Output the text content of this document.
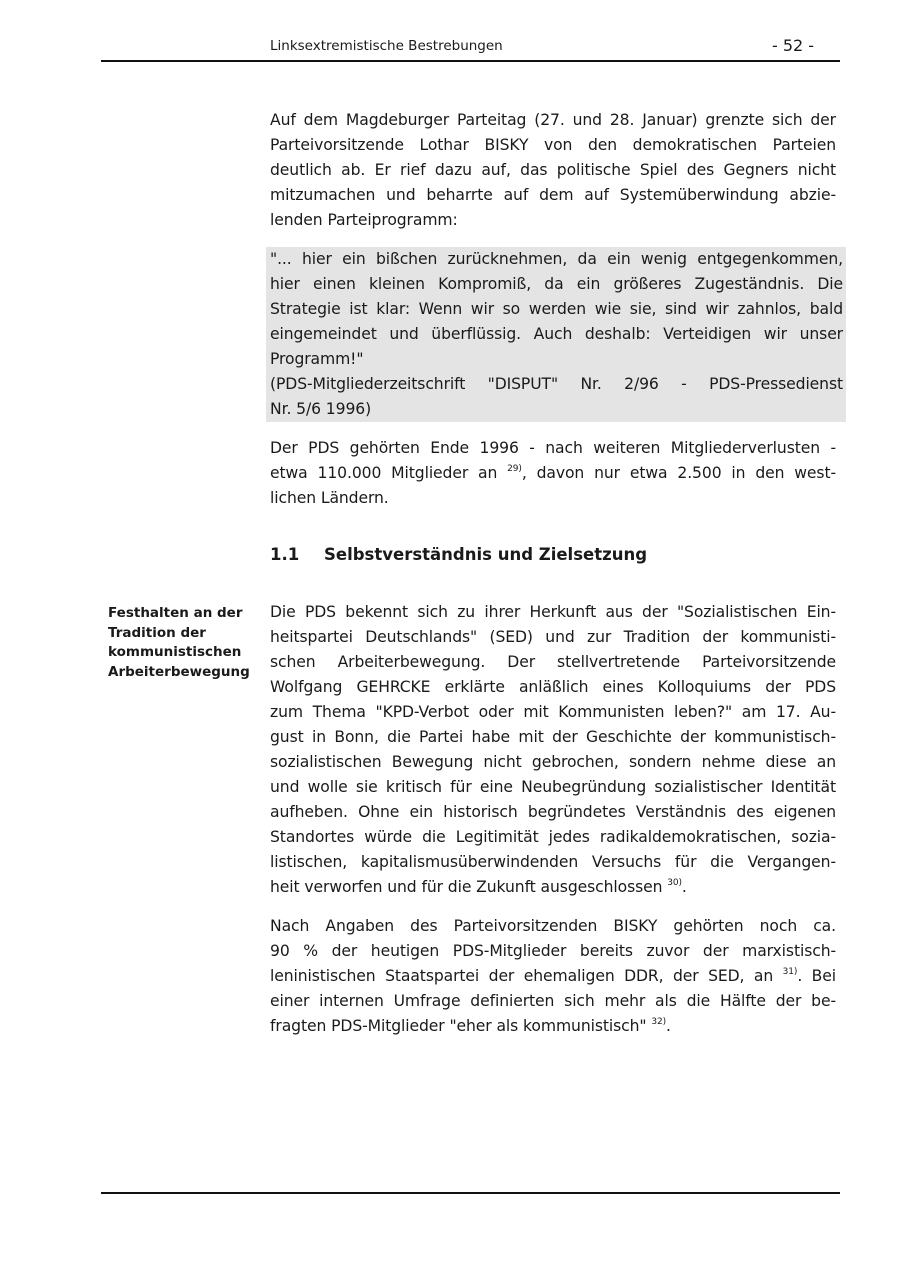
Linksextremistische Bestrebungen	- 52 -
Auf dem Magdeburger Parteitag (27. und 28. Januar) grenzte sich der
Parteivorsitzende Lothar BISKY von den demokratischen Parteien
deutlich ab. Er rief dazu auf, das politische Spiel des Gegners nicht
mitzumachen und beharrte auf dem auf Systemüberwindung abzie-
lenden Parteiprogramm:
"... hier ein bißchen zurücknehmen, da ein wenig entgegenkommen,
hier einen kleinen Kompromiß, da ein größeres Zugeständnis. Die
Strategie ist klar: Wenn wir so werden wie sie, sind wir zahnlos, bald
eingemeindet und überflüssig. Auch deshalb: Verteidigen wir unser
Programm!"
(PDS-Mitgliederzeitschrift "DISPUT" Nr. 2/96 - PDS-Pressedienst
Nr. 5/6 1996)
Der PDS gehörten Ende 1996 - nach weiteren Mitgliederverlusten -
etwa 110.000 Mitglieder an $^{29)}$, davon nur etwa 2.500 in den west-
lichen Ländern.
1.1 Selbstverständnis und Zielsetzung
Festhalten an der
Tradition der
kommunistischen
Arbeiterbewegung
Die PDS bekennt sich zu ihrer Herkunft aus der "Sozialistischen Ein-
heitspartei Deutschlands" (SED) und zur Tradition der kommunisti-
schen Arbeiterbewegung. Der stellvertretende Parteivorsitzende
Wolfgang GEHRCKE erklärte anläßlich eines Kolloquiums der PDS
zum Thema "KPD-Verbot oder mit Kommunisten leben?" am 17. Au-
gust in Bonn, die Partei habe mit der Geschichte der kommunistisch-
sozialistischen Bewegung nicht gebrochen, sondern nehme diese an
und wolle sie kritisch für eine Neubegründung sozialistischer Identität
aufheben. Ohne ein historisch begründetes Verständnis des eigenen
Standortes würde die Legitimität jedes radikaldemokratischen, sozia-
listischen, kapitalismusüberwindenden Versuchs für die Vergangen-
heit verworfen und für die Zukunft ausgeschlossen $^{30)}$.
Nach Angaben des Parteivorsitzenden BISKY gehörten noch ca.
90 % der heutigen PDS-Mitglieder bereits zuvor der marxistisch-
leninistischen Staatspartei der ehemaligen DDR, der SED, an $^{31)}$. Bei
einer internen Umfrage definierten sich mehr als die Hälfte der be-
fragten PDS-Mitglieder "eher als kommunistisch" $^{32)}$.
